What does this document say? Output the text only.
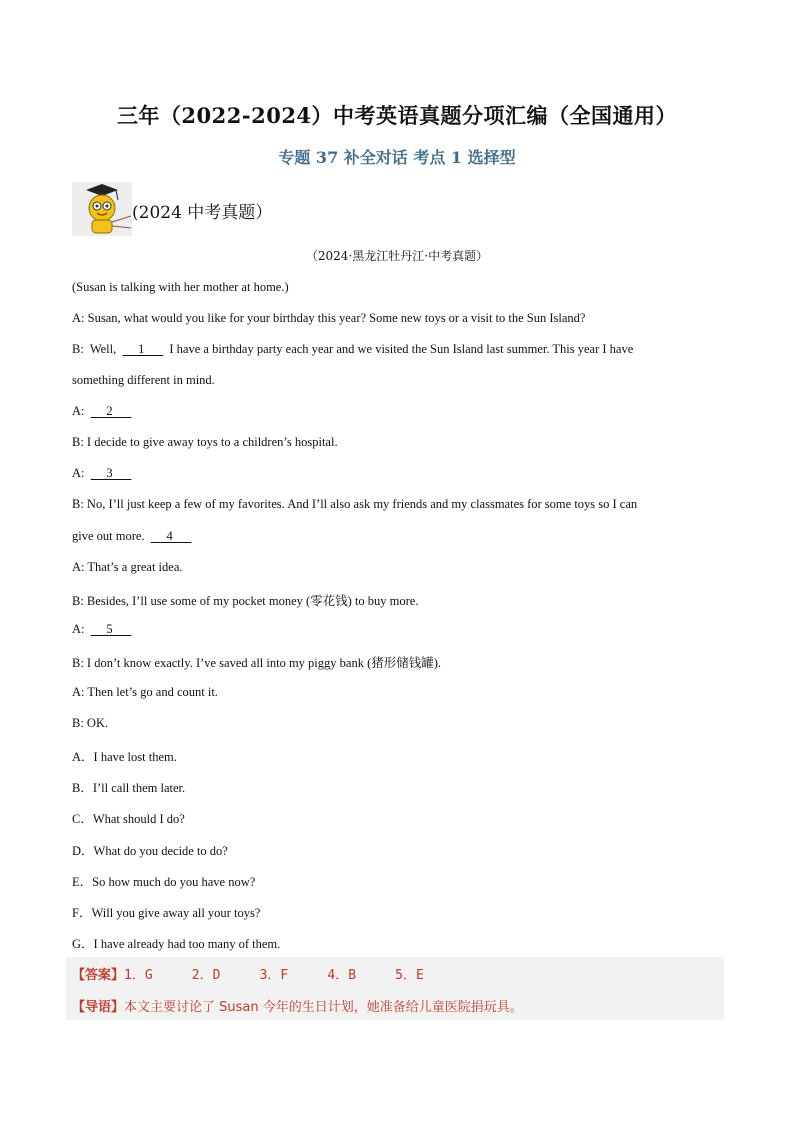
三年（2022-2024）中考英语真题分项汇编（全国通用）
专题 37 补全对话 考点 1 选择型
(2024 中考真题）
（2024·黑龙江牡丹江·中考真题）
(Susan is talking with her mother at home.)
A: Susan, what would you like for your birthday this year? Some new toys or a visit to the Sun Island?
B:  Well,       1        I have a birthday party each year and we visited the Sun Island last summer. This year I have
something different in mind.
A:       2
B: I decide to give away toys to a children’s hospital.
A:       3
B: No, I’ll just keep a few of my favorites. And I’ll also ask my friends and my classmates for some toys so I can
give out more.       4
A: That’s a great idea.
B: Besides, I’ll use some of my pocket money (零花钱) to buy more.
A:       5
B: I don’t know exactly. I’ve saved all into my piggy bank (猪形储钱罐).
A: Then let’s go and count it.
B: OK.
A．I have lost them.
B．I’ll call them later.
C．What should I do?
D．What do you decide to do?
E．So how much do you have now?
F．Will you give away all your toys?
G．I have already had too many of them.
【答案】1．G     2．D     3．F     4．B     5．E
【导语】本文主要讨论了 Susan 今年的生日计划，她准备给儿童医院捐玩具。
